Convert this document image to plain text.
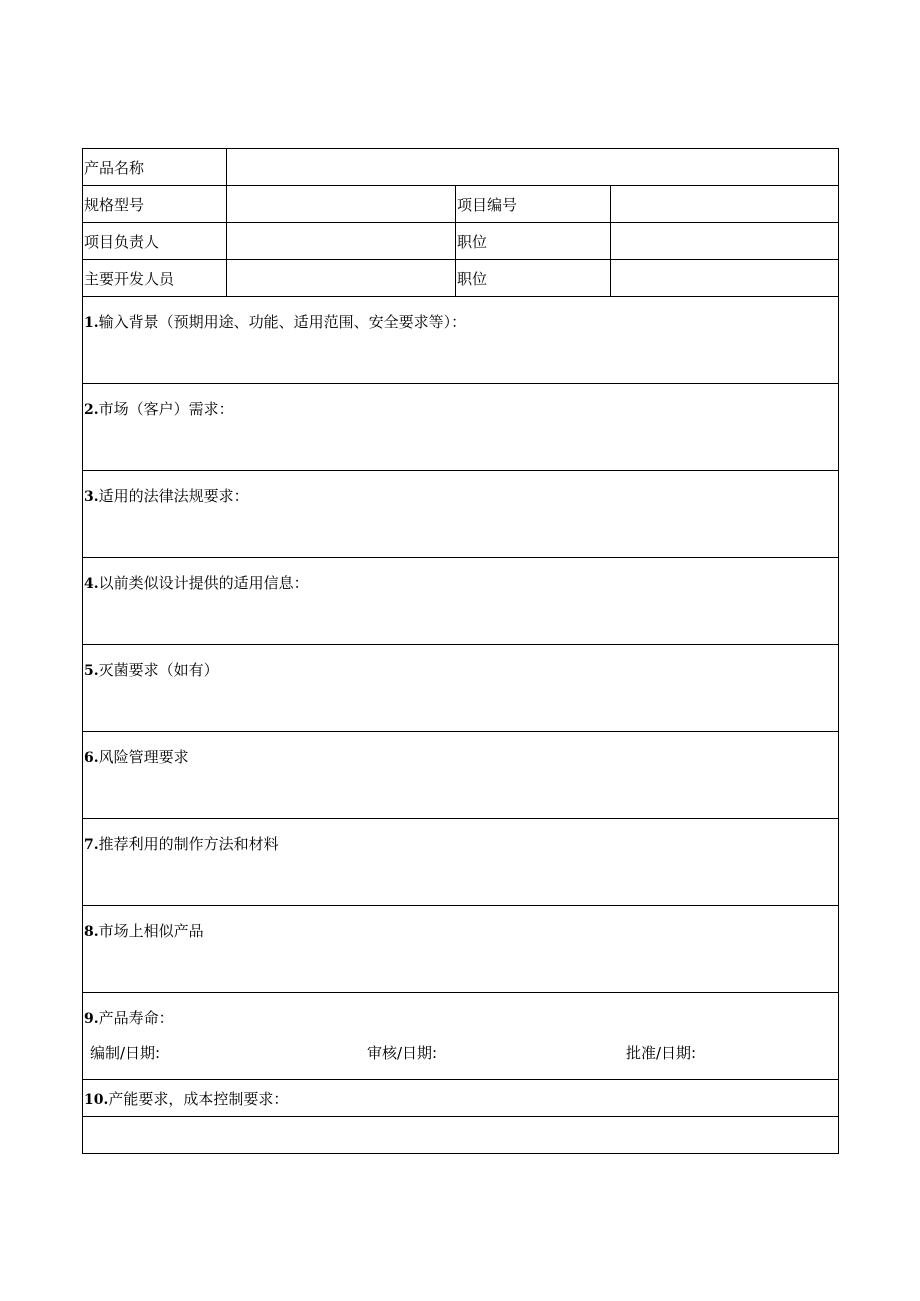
产品名称			
规格型号		项目编号	
项目负责人		职位	
主要开发人员		职位	
1.输入背景（预期用途、功能、适用范围、安全要求等）：			
2.市场（客户）需求：			
3.适用的法律法规要求：			
4.以前类似设计提供的适用信息：			
5.灭菌要求（如有）			
6.风险管理要求			
7.推荐利用的制作方法和材料			
8.市场上相似产品			
9.产品寿命：			
10.产能要求，成本控制要求：			

编制/日期:	审核/日期:	批准/日期:
